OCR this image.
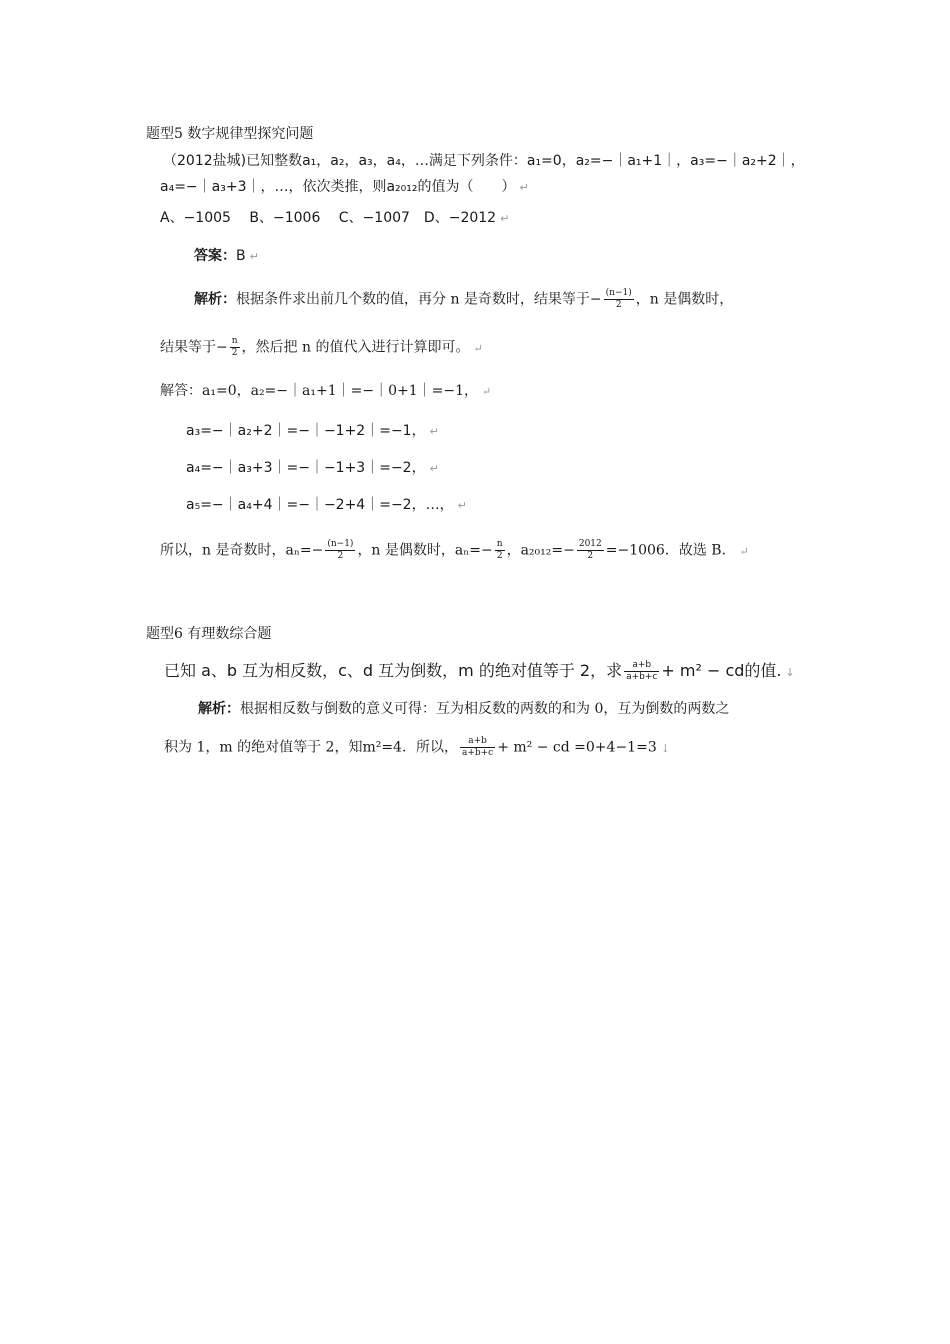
题型5 数字规律型探究问题
（2012盐城)已知整数a₁，a₂，a₃，a₄，…满足下列条件：a₁=0，a₂=−｜a₁+1｜，a₃=−｜a₂+2｜，
a₄=−｜a₃+3｜，…，依次类推，则a₂₀₁₂的值为（　　） ↵
A、−1005　 B、−1006　 C、−1007　D、−2012 ↵
答案：B ↵
解析：根据条件求出前几个数的值，再分 n 是奇数时，结果等于− $\frac{(n-1)}{2}$ ，n 是偶数时，
结果等于− $\frac{n}{2}$ ，然后把 n 的值代入进行计算即可。 ↵
解答：a₁=0，a₂=−｜a₁+1｜=−｜0+1｜=−1， ↵
a₃=−｜a₂+2｜=−｜−1+2｜=−1， ↵
a₄=−｜a₃+3｜=−｜−1+3｜=−2， ↵
a₅=−｜a₄+4｜=−｜−2+4｜=−2，…， ↵
所以，n 是奇数时，$a_n=- \frac{(n-1)}{2}$ ，n 是偶数时，$a_n=- \frac{n}{2}$ ，$a_{2012}=- \frac{2012}{2} =-1006$．故选 B． ↵
题型6 有理数综合题
已知 a、b 互为相反数，c、d 互为倒数，m 的绝对值等于 2，求 $\frac{a+b}{a+b+c} + m^2$ − cd的值. ↓
解析：根据相反数与倒数的意义可得：互为相反数的两数的和为 0，互为倒数的两数之
积为 1，m 的绝对值等于 2，知m²=4．所以， $\frac{a+b}{a+b+c} + m^2$ − cd =0+4−1=3 ↓
